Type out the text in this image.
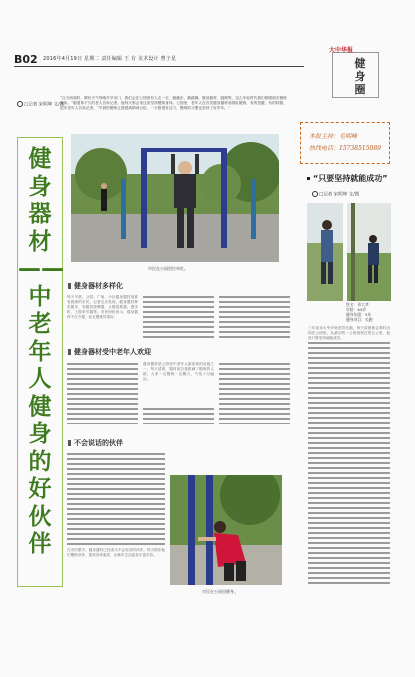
B02 2016年4月19日 星期二 责任编辑 王 有 美术设计 曹子星
大中华报
健身圈
□记者 宋明坤 文/图
“百天两周时，晴好天气每晚早早出门，我们会在公园里有人走一走、跑跑步，跳跳操。健身器材、跳绳等，这么年轻时代我们都跟朋友锻炼身体。”刚退休不久的老人告诉记者，他每天都会来这里坚持锻炼身体。公园里，老年人在各类健身器材前排队锻炼，有的扭腰、有的转腿，很多老年人告诉记者，“早晨的锻炼让我感到精神百倍，一天都很有活力，锻炼的习惯也坚持了好多年。”
健身器材——中老年人健身的好伙伴
市民在公园里拉单杠。
健身器材多样化
每天早晨，公园、广场、小区健身器材前都有晨练的市民。记者走访发现，健身器材种类繁多，有腰背按摩器、太极揉推器、漫步机、上肢牵引器等。市民纷纷表示，健身器材不仅方便，而且锻炼效果好。
健身器材受中老年人欢迎
健身器材是公园里中老年人最喜欢的设施之一。每天清晨，器材前总是排满了锻炼的人群，大家一边锻炼一边聊天，气氛十分融洽。
不会说话的伙伴
在市民眼中，健身器材已经成为不会说话的伙伴。每天陪伴他们锻炼身体，提高身体素质，让晚年生活更加丰富多彩。
市民在公园里健身。
本报主持：毛明峰
热线电话：15738515089
“只要坚持就能成功”
□记者 宋明坤 文/图
姓名：邓大爷
年龄：64岁
健身年限：5年
健身项目：长跑
三年前邓大爷开始坚持长跑，每天清晨都会准时出现在公园里。从最初的一公里到现在的五公里，他说只要坚持就能成功。
